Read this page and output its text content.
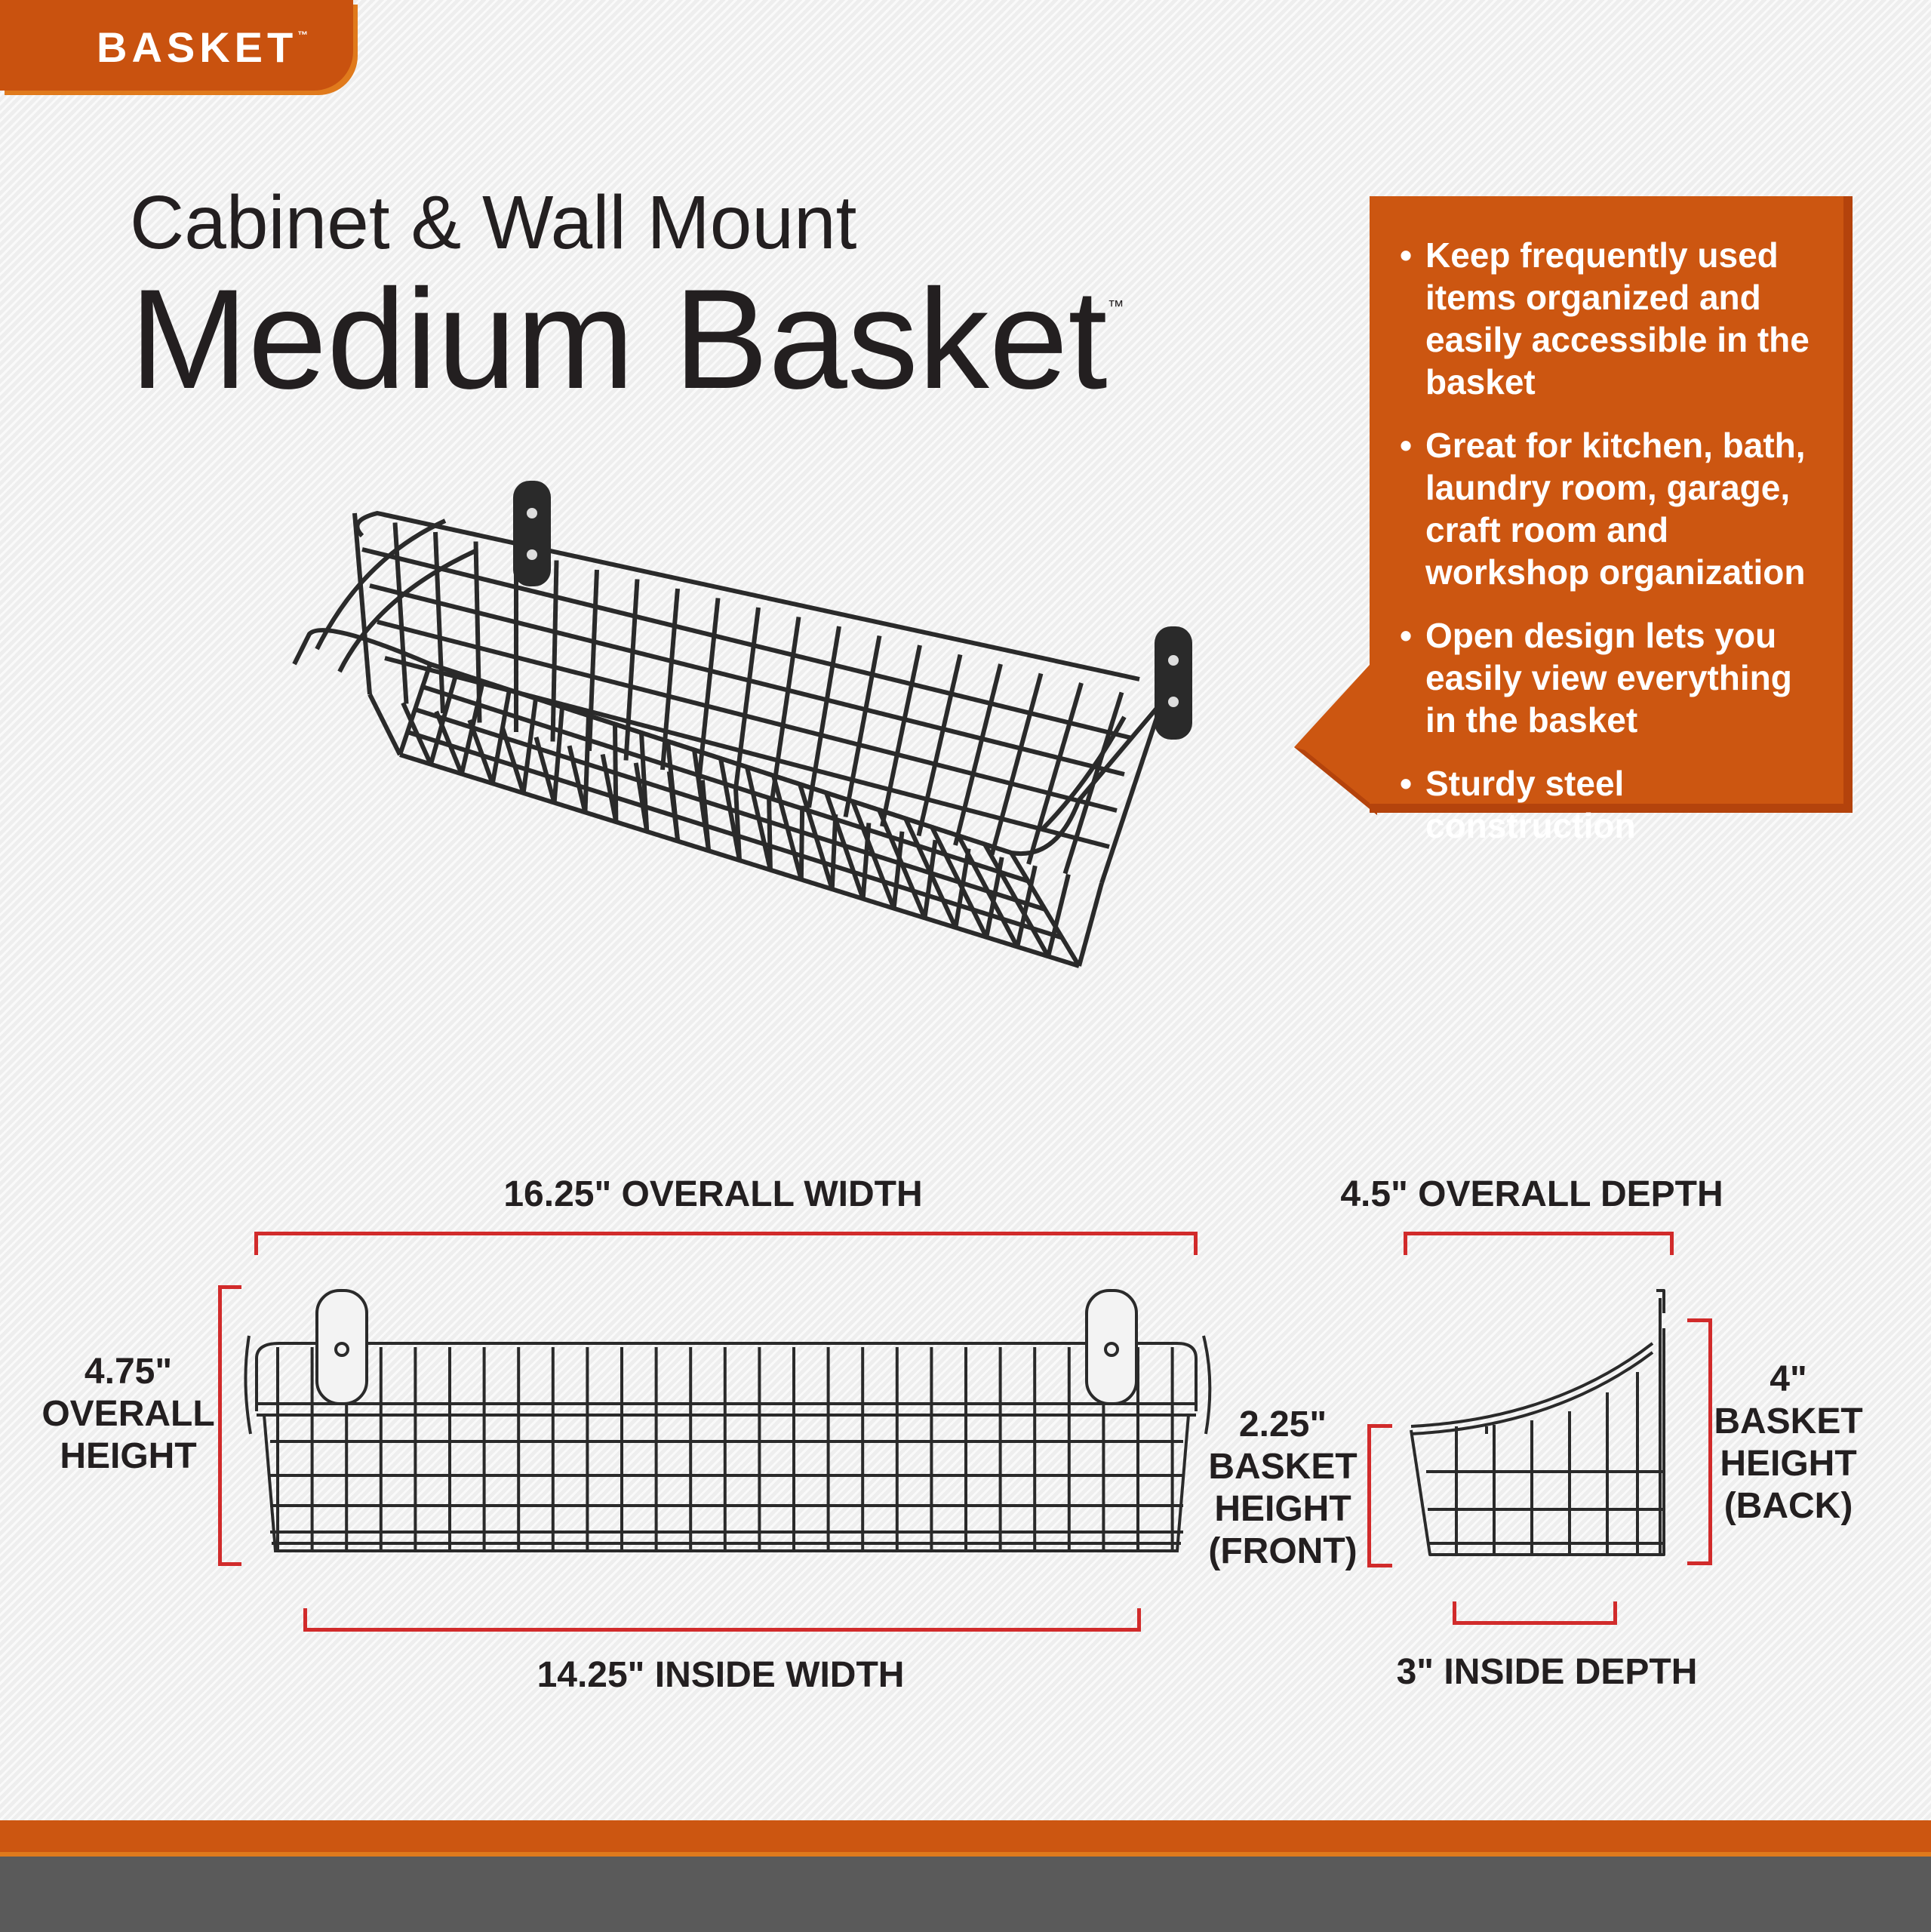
BASKET™
Cabinet & Wall Mount
Medium Basket™
• Keep frequently used items organized and easily accessible in the basket
• Great for kitchen, bath, laundry room, garage, craft room and workshop organization
• Open design lets you easily view everything in the basket
• Sturdy steel construction
16.25" OVERALL WIDTH	4.5" OVERALL DEPTH
4.75"
OVERALL
HEIGHT
14.25" INSIDE WIDTH	3" INSIDE DEPTH
2.25"
BASKET
HEIGHT
(FRONT)
4"
BASKET
HEIGHT
(BACK)
